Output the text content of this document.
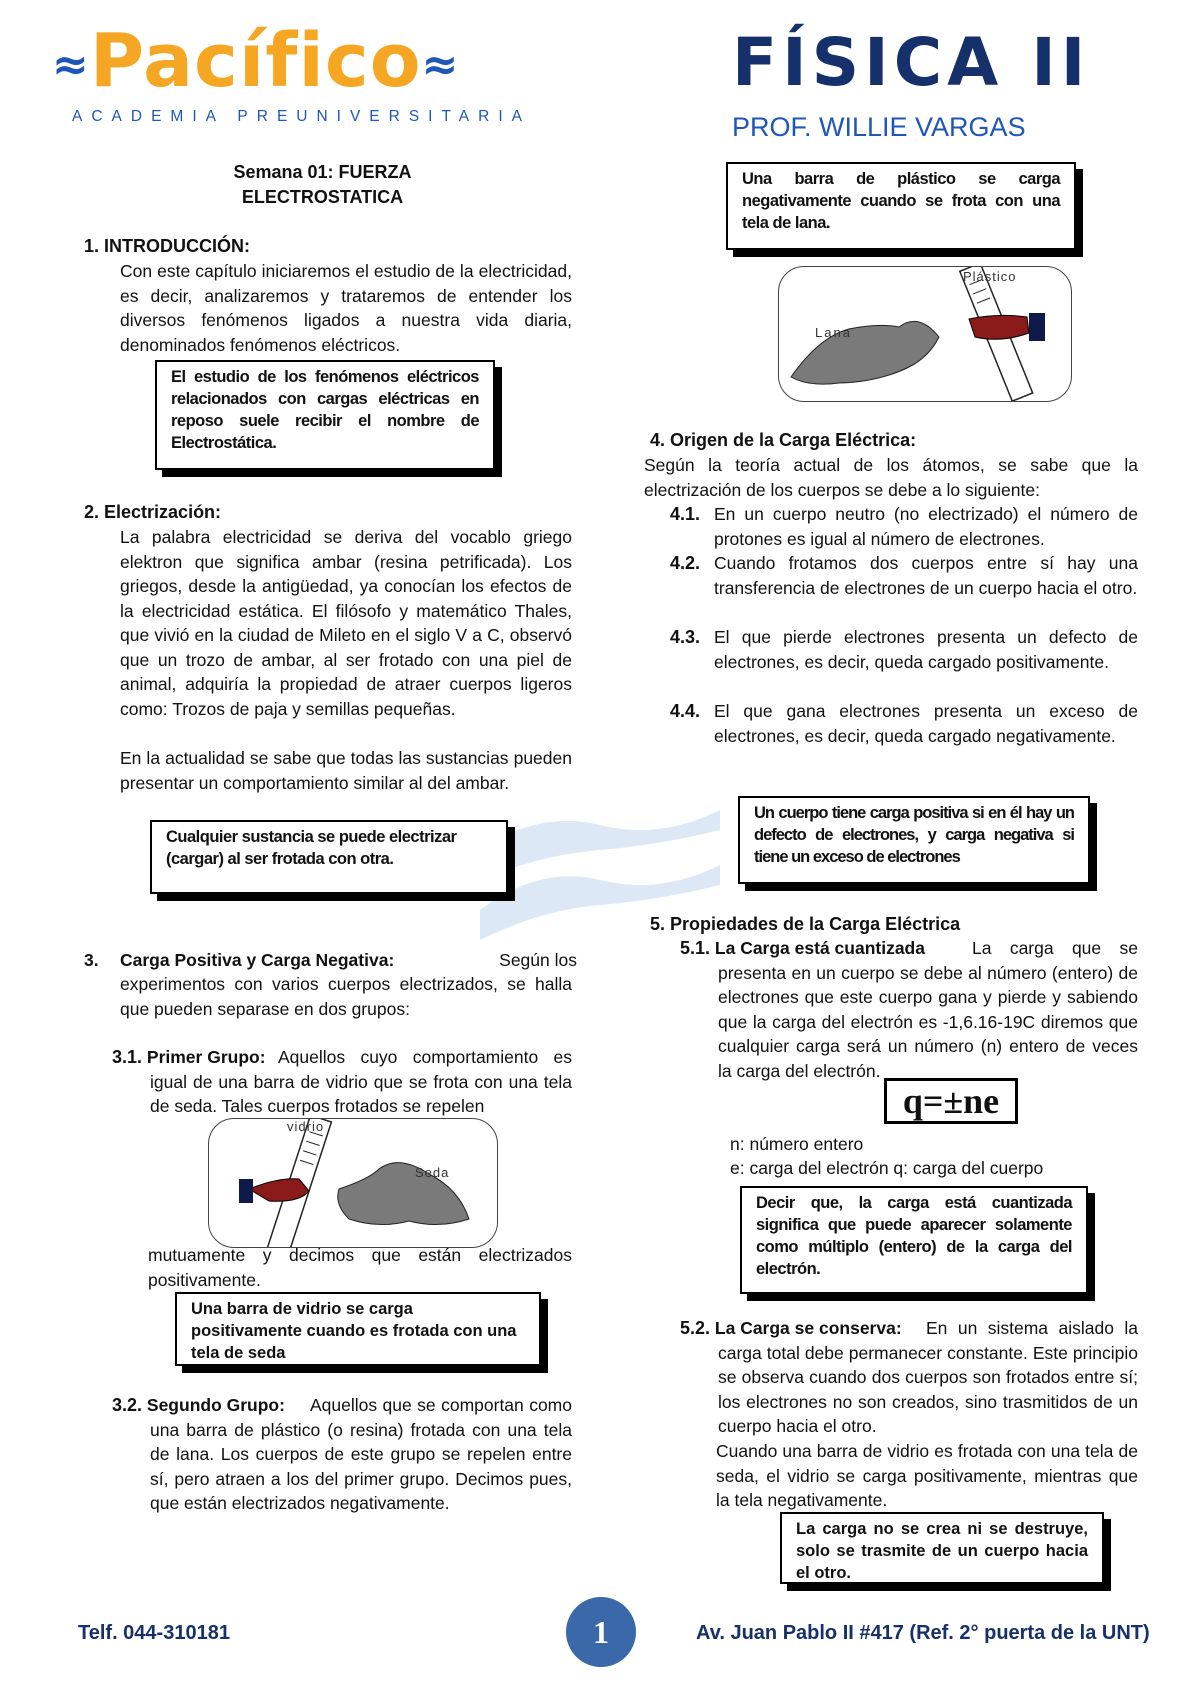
≈Pacífico≈
ACADEMIA PREUNIVERSITARIA
FÍSICA II
PROF. WILLIE VARGAS
Semana 01: FUERZA
ELECTROSTATICA
1. INTRODUCCIÓN:
Con este capítulo iniciaremos el estudio de la electricidad, es decir, analizaremos y trataremos de entender los diversos fenómenos ligados a nuestra vida diaria, denominados fenómenos eléctricos.
El estudio de los fenómenos eléctricos relacionados con cargas eléctricas en reposo suele recibir el nombre de Electrostática.
2. Electrización:
La palabra electricidad se deriva del vocablo griego elektron que significa ambar (resina petrificada). Los griegos, desde la antigüedad, ya conocían los efectos de la electricidad estática. El filósofo y matemático Thales, que vivió en la ciudad de Mileto en el siglo V a C, observó que un trozo de ambar, al ser frotado con una piel de animal, adquiría la propiedad de atraer cuerpos ligeros como: Trozos de paja y semillas pequeñas.
En la actualidad se sabe que todas las sustancias pueden presentar un comportamiento similar al del ambar.
Cualquier sustancia se puede electrizar (cargar) al ser frotada con otra.
3. Carga Positiva y Carga Negativa:	Según los
experimentos con varios cuerpos electrizados, se halla que pueden separase en dos grupos:
3.1. Primer Grupo: Aquellos cuyo comportamiento es igual de una barra de vidrio que se frota con una tela de seda. Tales cuerpos frotados se repelen
vidrio
Seda
mutuamente y decimos que están electrizados positivamente.
Una barra de vidrio se carga positivamente cuando es frotada con una tela de seda
3.2. Segundo Grupo:	Aquellos que se comportan como una barra de plástico (o resina) frotada con una tela de lana. Los cuerpos de este grupo se repelen entre sí, pero atraen a los del primer grupo. Decimos pues, que están electrizados negativamente.
Una barra de plástico se carga negativamente cuando se frota con una tela de lana.
Plástico
Lana
4. Origen de la Carga Eléctrica:
Según la teoría actual de los átomos, se sabe que la electrización de los cuerpos se debe a lo siguiente:
4.1. En un cuerpo neutro (no electrizado) el número de protones es igual al número de electrones.
4.2. Cuando frotamos dos cuerpos entre sí hay una transferencia de electrones de un cuerpo hacia el otro.
4.3. El que pierde electrones presenta un defecto de electrones, es decir, queda cargado positivamente.
4.4. El que gana electrones presenta un exceso de electrones, es decir, queda cargado negativamente.
Un cuerpo tiene carga positiva si en él hay un defecto de electrones, y carga negativa si tiene un exceso de electrones
5. Propiedades de la Carga Eléctrica
5.1. La Carga está cuantizada	La carga que se presenta en un cuerpo se debe al número (entero) de electrones que este cuerpo gana y pierde y sabiendo que la carga del electrón es -1,6.16-19C diremos que cualquier carga será un número (n) entero de veces la carga del electrón.
q=±ne
n: número entero
e: carga del electrón q: carga del cuerpo
Decir que, la carga está cuantizada significa que puede aparecer solamente como múltiplo (entero) de la carga del electrón.
5.2. La Carga se conserva:	En un sistema aislado la carga total debe permanecer constante. Este principio se observa cuando dos cuerpos son frotados entre sí; los electrones no son creados, sino trasmitidos de un cuerpo hacia el otro.
Cuando una barra de vidrio es frotada con una tela de seda, el vidrio se carga positivamente, mientras que la tela negativamente.
La carga no se crea ni se destruye, solo se trasmite de un cuerpo hacia el otro.
Telf. 044-310181	1	Av. Juan Pablo II #417 (Ref. 2° puerta de la UNT)
